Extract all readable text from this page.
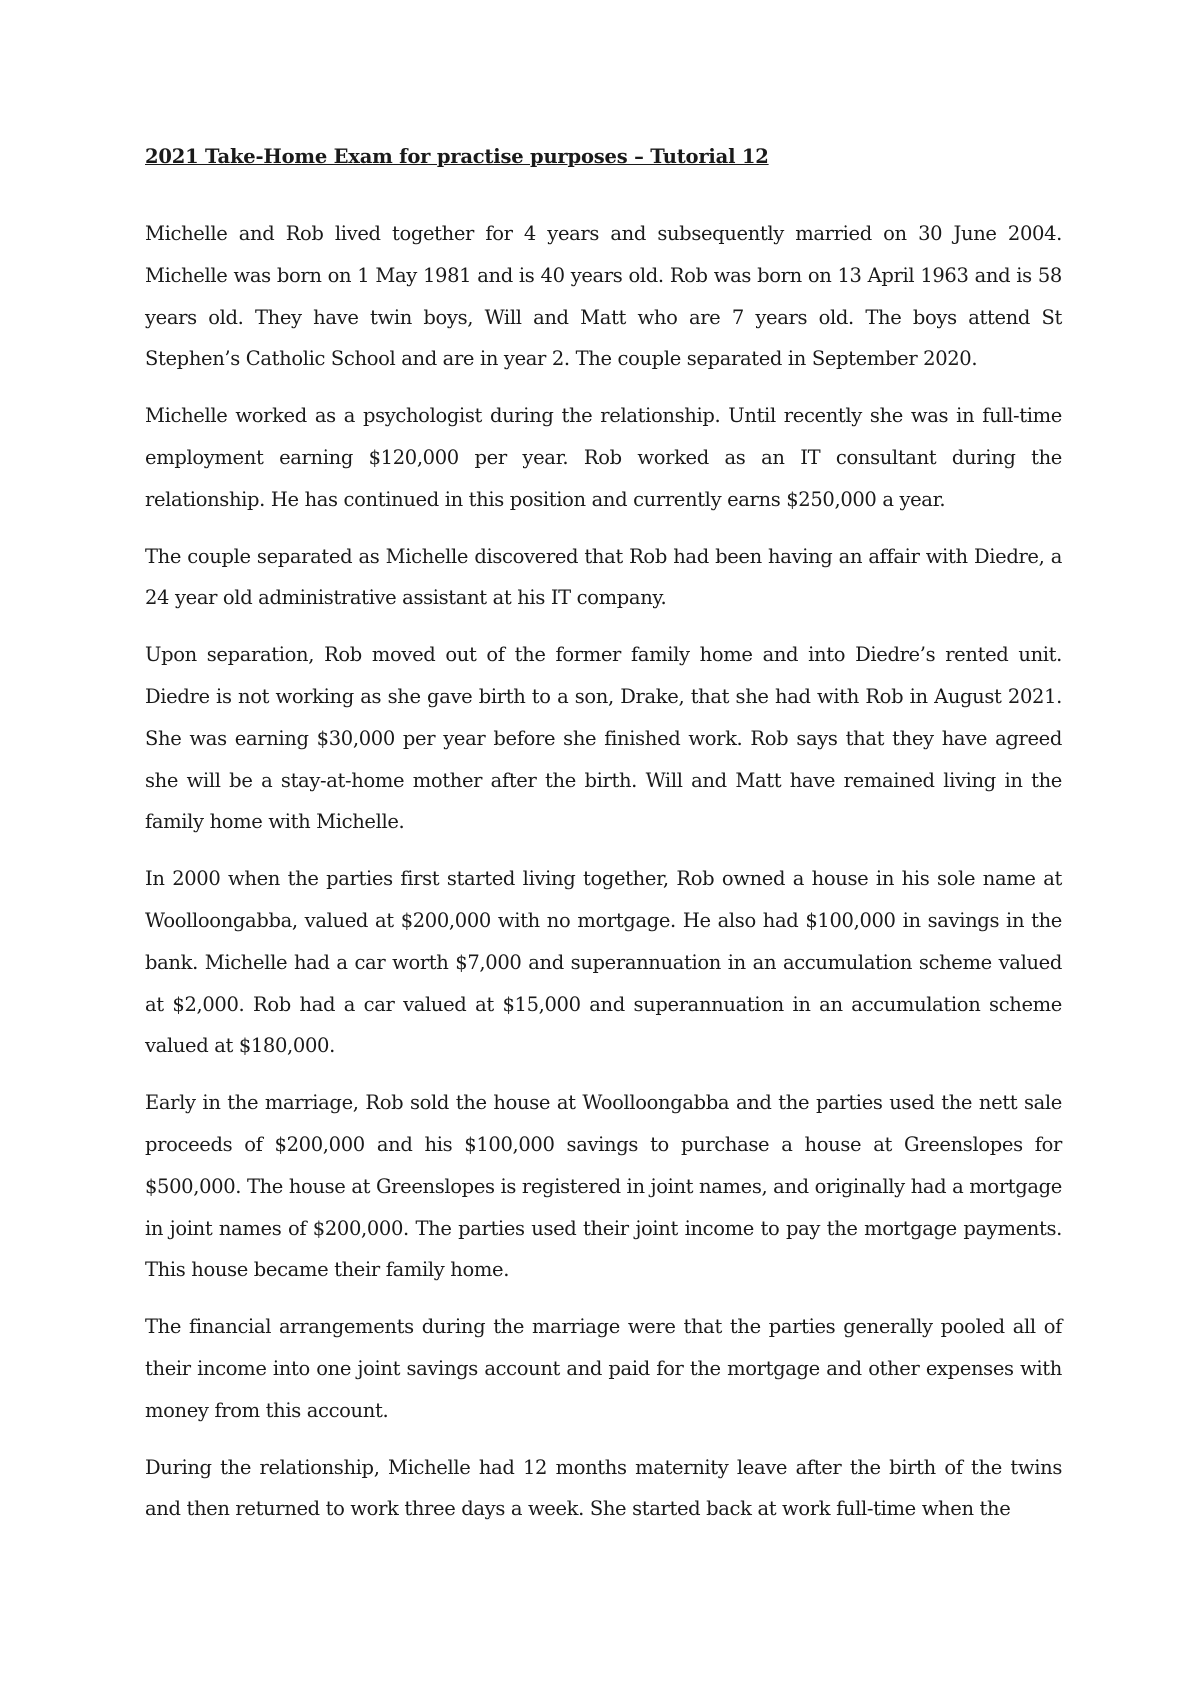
2021 Take-Home Exam for practise purposes – Tutorial 12

Michelle and Rob lived together for 4 years and subsequently married on 30 June 2004. Michelle was born on 1 May 1981 and is 40 years old. Rob was born on 13 April 1963 and is 58 years old. They have twin boys, Will and Matt who are 7 years old. The boys attend St Stephen’s Catholic School and are in year 2. The couple separated in September 2020.

Michelle worked as a psychologist during the relationship. Until recently she was in full-time employment earning $120,000 per year. Rob worked as an IT consultant during the relationship. He has continued in this position and currently earns $250,000 a year.

The couple separated as Michelle discovered that Rob had been having an affair with Diedre, a 24 year old administrative assistant at his IT company.

Upon separation, Rob moved out of the former family home and into Diedre’s rented unit. Diedre is not working as she gave birth to a son, Drake, that she had with Rob in August 2021. She was earning $30,000 per year before she finished work. Rob says that they have agreed she will be a stay-at-home mother after the birth. Will and Matt have remained living in the family home with Michelle.

In 2000 when the parties first started living together, Rob owned a house in his sole name at Woolloongabba, valued at $200,000 with no mortgage. He also had $100,000 in savings in the bank. Michelle had a car worth $7,000 and superannuation in an accumulation scheme valued at $2,000. Rob had a car valued at $15,000 and superannuation in an accumulation scheme valued at $180,000.

Early in the marriage, Rob sold the house at Woolloongabba and the parties used the nett sale proceeds of $200,000 and his $100,000 savings to purchase a house at Greenslopes for $500,000. The house at Greenslopes is registered in joint names, and originally had a mortgage in joint names of $200,000. The parties used their joint income to pay the mortgage payments. This house became their family home.

The financial arrangements during the marriage were that the parties generally pooled all of their income into one joint savings account and paid for the mortgage and other expenses with money from this account.

During the relationship, Michelle had 12 months maternity leave after the birth of the twins and then returned to work three days a week. She started back at work full-time when the
